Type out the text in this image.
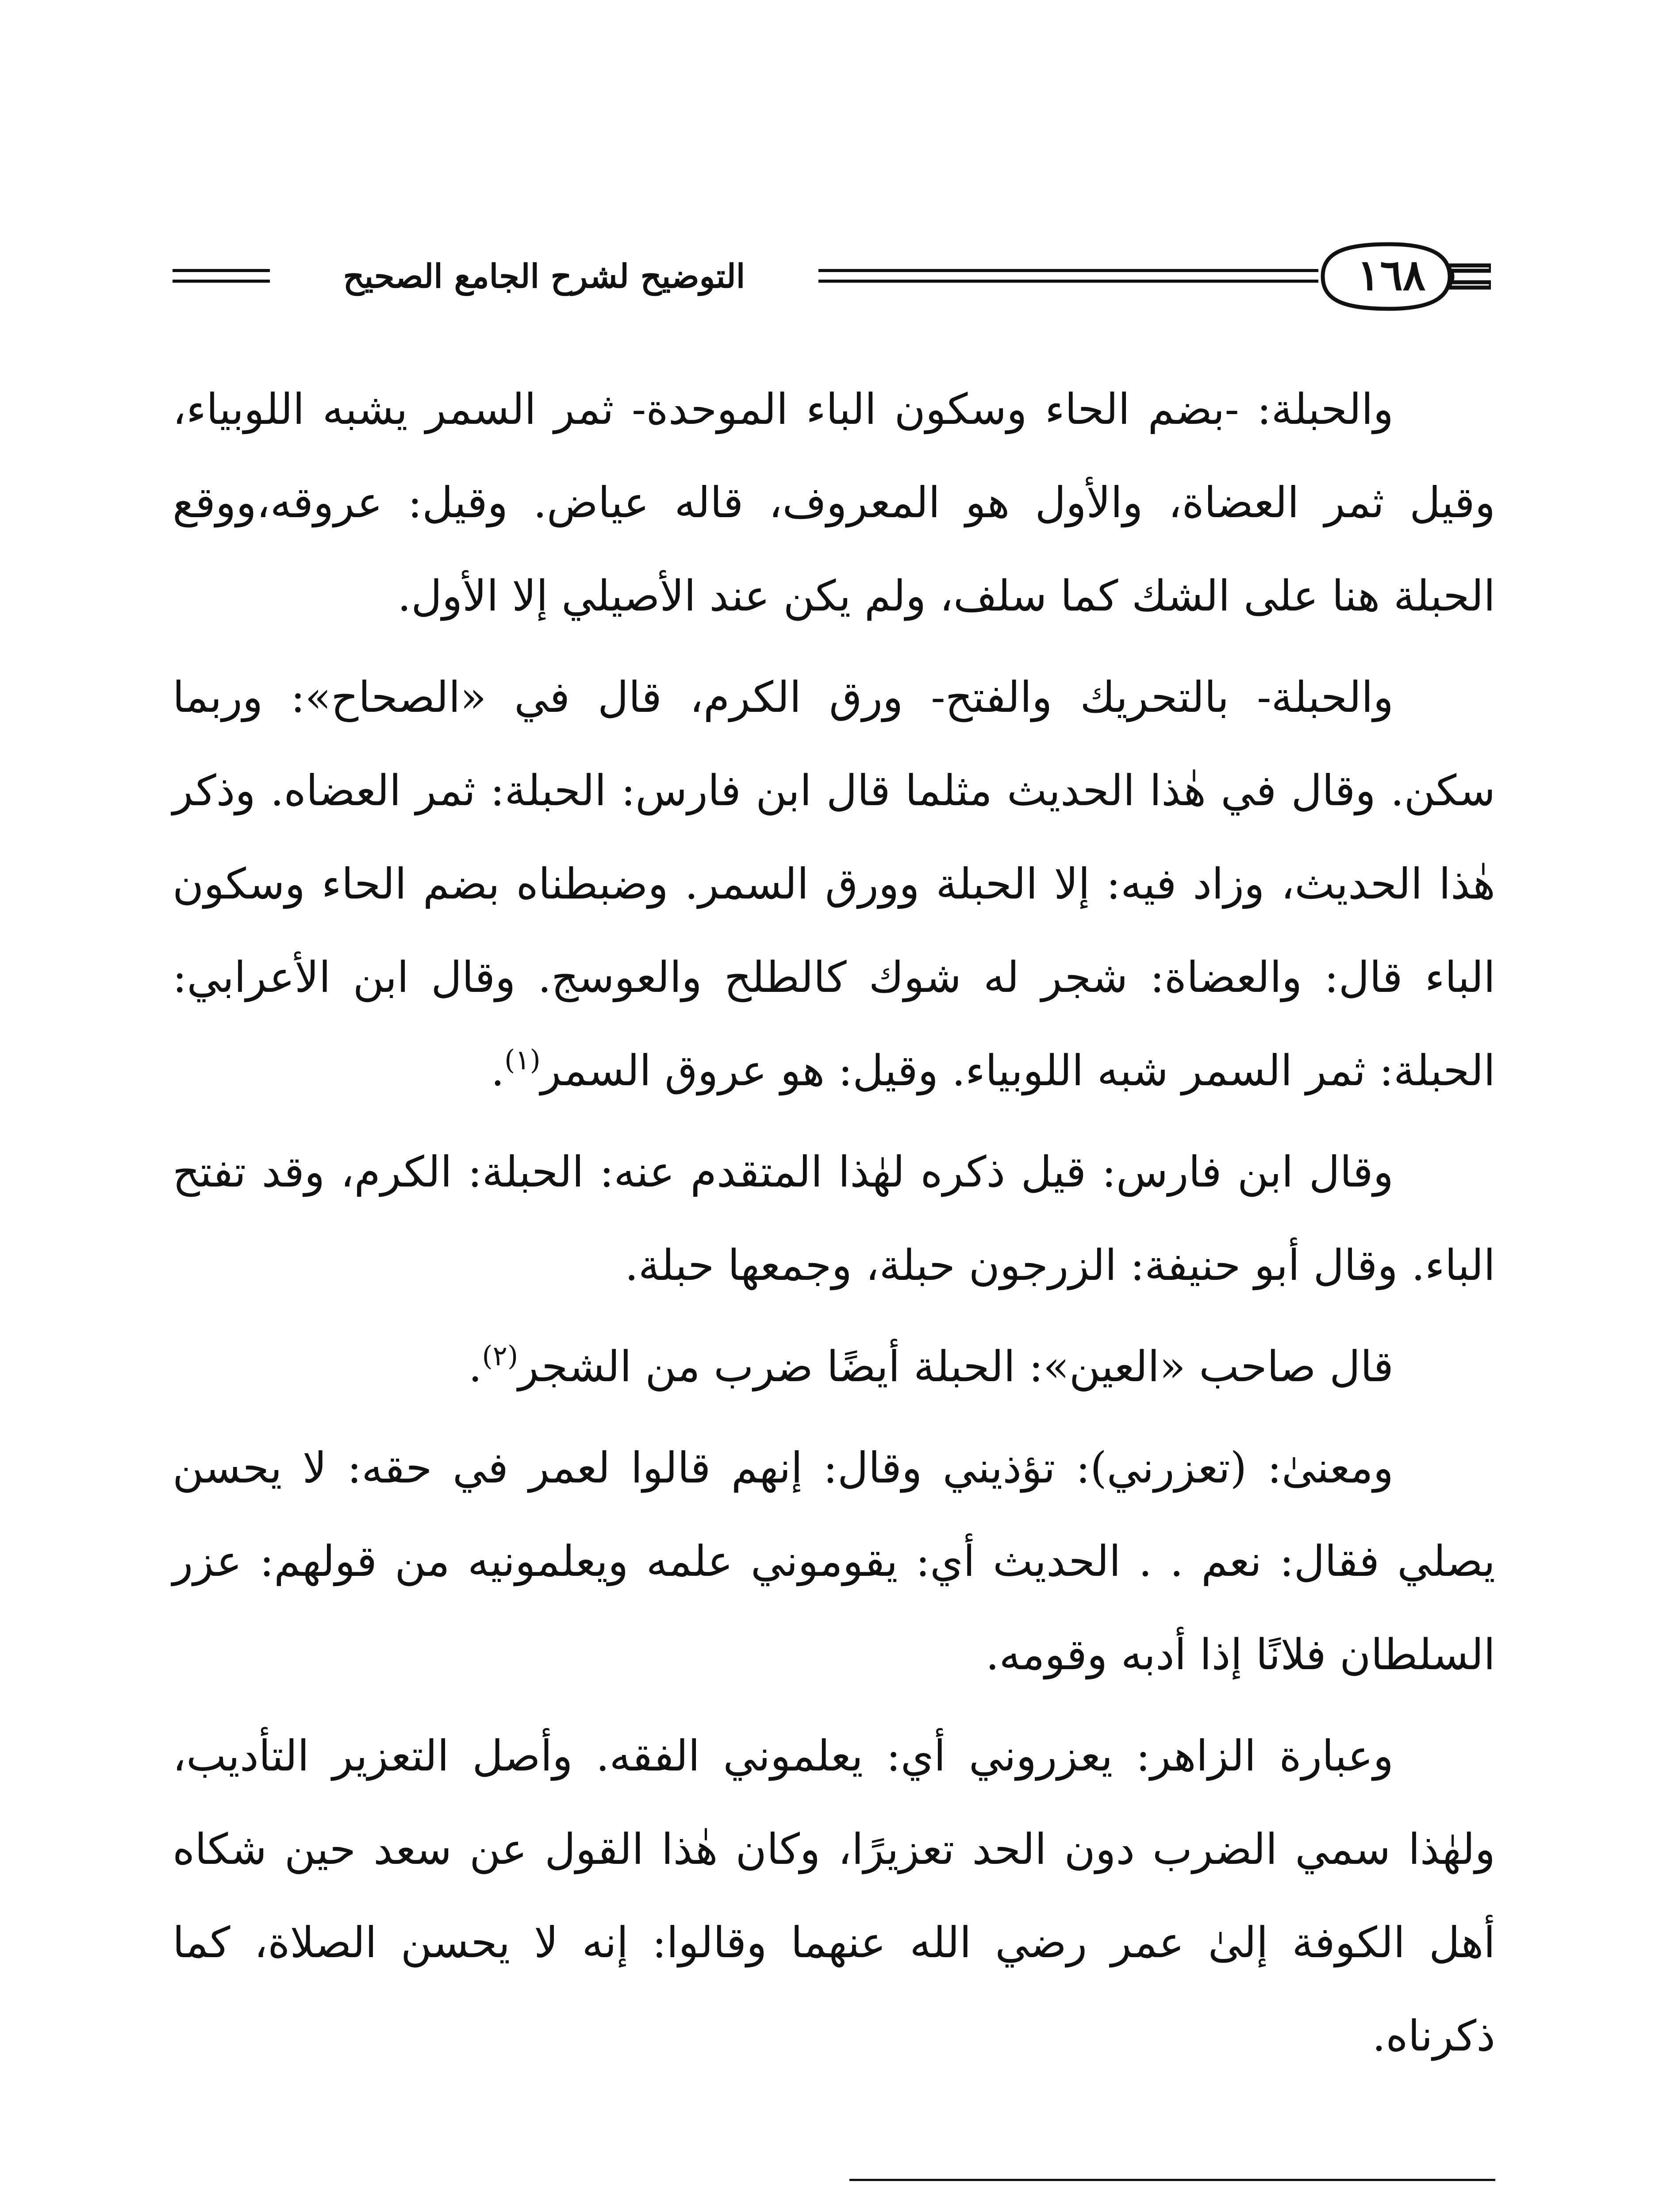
التوضيح لشرح الجامع الصحيح	١٦٨

والحبلة: -بضم الحاء وسكون الباء الموحدة- ثمر السمر يشبه اللوبياء، وقيل ثمر العضاة، والأول هو المعروف، قاله عياض. وقيل: عروقه،ووقع الحبلة هنا على الشك كما سلف، ولم يكن عند الأصيلي إلا الأول.

والحبلة- بالتحريك والفتح- ورق الكرم، قال في «الصحاح»: وربما سكن. وقال في هٰذا الحديث مثلما قال ابن فارس: الحبلة: ثمر العضاه. وذكر هٰذا الحديث، وزاد فيه: إلا الحبلة وورق السمر. وضبطناه بضم الحاء وسكون الباء قال: والعضاة: شجر له شوك كالطلح والعوسج. وقال ابن الأعرابي: الحبلة: ثمر السمر شبه اللوبياء. وقيل: هو عروق السمر$^{(١)}$.

وقال ابن فارس: قيل ذكره لهٰذا المتقدم عنه: الحبلة: الكرم، وقد تفتح الباء. وقال أبو حنيفة: الزرجون حبلة، وجمعها حبلة.

قال صاحب «العين»: الحبلة أيضًا ضرب من الشجر$^{(٢)}$.

ومعنىٰ: (تعزرني): تؤذيني وقال: إنهم قالوا لعمر في حقه: لا يحسن يصلي فقال: نعم . . الحديث أي: يقوموني علمه ويعلمونيه من قولهم: عزر السلطان فلانًا إذا أدبه وقومه.

وعبارة الزاهر: يعزروني أي: يعلموني الفقه. وأصل التعزير التأديب، ولهٰذا سمي الضرب دون الحد تعزيرًا، وكان هٰذا القول عن سعد حين شكاه أهل الكوفة إلىٰ عمر رضي الله عنهما وقالوا: إنه لا يحسن الصلاة، كما ذكرناه.
